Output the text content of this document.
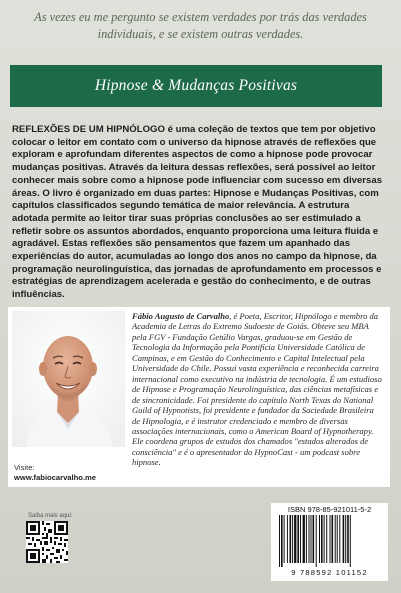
As vezes eu me pergunto se existem verdades por trás das verdades individuais, e se existem outras verdades.
Hipnose & Mudanças Positivas
REFLEXÕES DE UM HIPNÓLOGO é uma coleção de textos que tem por objetivo colocar o leitor em contato com o universo da hipnose através de reflexões que exploram e aprofundam diferentes aspectos de como a hipnose pode provocar mudanças positivas. Através da leitura dessas reflexões, será possível ao leitor conhecer mais sobre como a hipnose pode influenciar com sucesso em diversas áreas. O livro é organizado em duas partes: Hipnose e Mudanças Positivas, com capítulos classificados segundo temática de maior relevância. A estrutura adotada permite ao leitor tirar suas próprias conclusões ao ser estimulado a refletir sobre os assuntos abordados, enquanto proporciona uma leitura fluida e agradável. Estas reflexões são pensamentos que fazem um apanhado das experiências do autor, acumuladas ao longo dos anos no campo da hipnose, da programação neurolinguística, das jornadas de aprofundamento em processos e estratégias de aprendizagem acelerada e gestão do conhecimento, e de outras influências.
Visite:
www.fabiocarvalho.me
Fábio Augusto de Carvalho, é Poeta, Escritor, Hipnólogo e membro da Academia de Letras do Extremo Sudoeste de Goiás. Obteve seu MBA pela FGV - Fundação Getúlio Vargas, graduou-se em Gestão de Tecnologia da Informação pela Pontifícia Universidade Católica de Campinas, e em Gestão do Conhecimento e Capital Intelectual pela Universidade do Chile. Possui vasta experiência e reconhecida carreira internacional como executivo na indústria de tecnologia. É um estudioso de Hipnose e Programação Neurolinguística, das ciências metafísicas e de sincronicidade. Foi presidente do capítulo North Texas do National Guild of Hypnotists, foi presidente e fundador da Sociedade Brasileira de Hipnologia, e é instrutor credenciado e membro de diversas associações internacionais, como o American Board of Hypnotherapy. Ele coordena grupos de estudos dos chamados "estados alterados de consciência" e é o apresentador do HypnoCast - um podcast sobre hipnose.
Saiba mais aqui:
ISBN 978-85-921011-5-2
9 788592 101152
